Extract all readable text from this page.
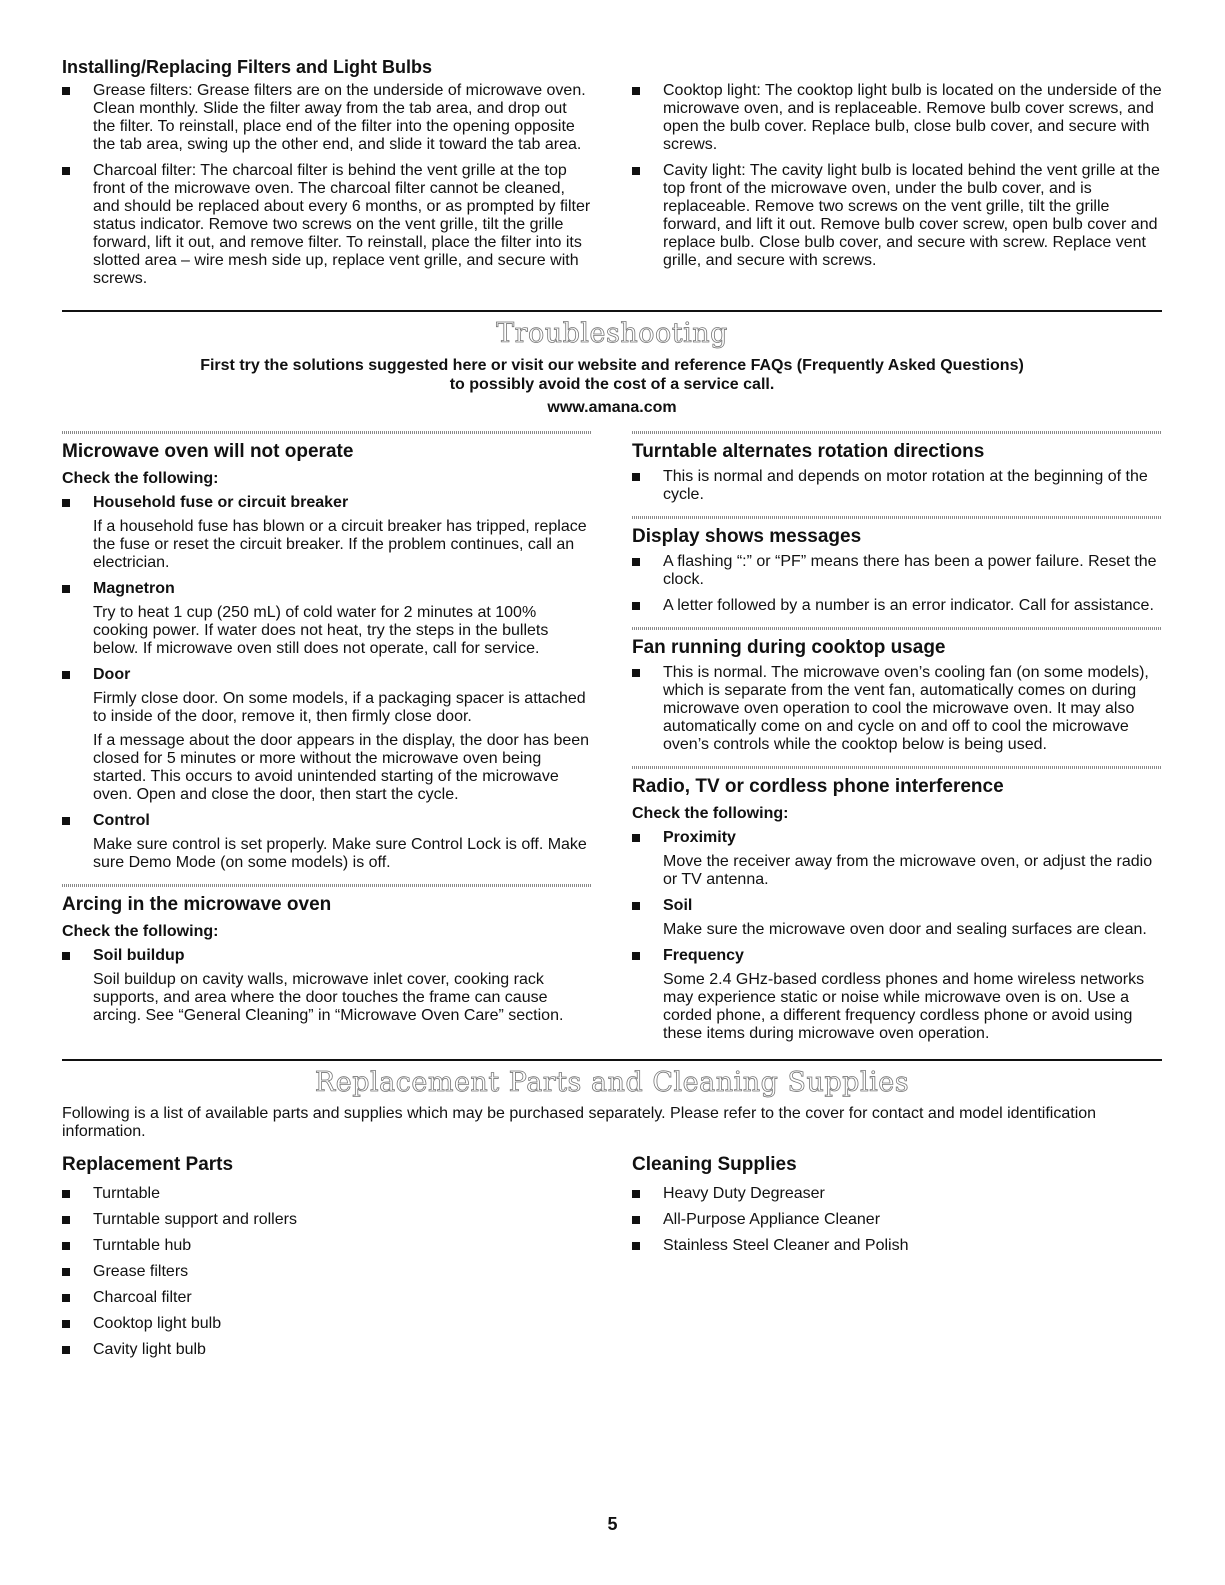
Installing/Replacing Filters and Light Bulbs
Grease filters: Grease filters are on the underside of microwave oven. Clean monthly. Slide the filter away from the tab area, and drop out the filter. To reinstall, place end of the filter into the opening opposite the tab area, swing up the other end, and slide it toward the tab area.
Charcoal filter: The charcoal filter is behind the vent grille at the top front of the microwave oven. The charcoal filter cannot be cleaned, and should be replaced about every 6 months, or as prompted by filter status indicator. Remove two screws on the vent grille, tilt the grille forward, lift it out, and remove filter. To reinstall, place the filter into its slotted area – wire mesh side up, replace vent grille, and secure with screws.
Cooktop light: The cooktop light bulb is located on the underside of the microwave oven, and is replaceable. Remove bulb cover screws, and open the bulb cover. Replace bulb, close bulb cover, and secure with screws.
Cavity light: The cavity light bulb is located behind the vent grille at the top front of the microwave oven, under the bulb cover, and is replaceable. Remove two screws on the vent grille, tilt the grille forward, and lift it out. Remove bulb cover screw, open bulb cover and replace bulb. Close bulb cover, and secure with screw. Replace vent grille, and secure with screws.
Troubleshooting
First try the solutions suggested here or visit our website and reference FAQs (Frequently Asked Questions)
to possibly avoid the cost of a service call.
www.amana.com
Microwave oven will not operate
Check the following:
Household fuse or circuit breaker

If a household fuse has blown or a circuit breaker has tripped, replace the fuse or reset the circuit breaker. If the problem continues, call an electrician.

Magnetron

Try to heat 1 cup (250 mL) of cold water for 2 minutes at 100% cooking power. If water does not heat, try the steps in the bullets below. If microwave oven still does not operate, call for service.

Door

Firmly close door. On some models, if a packaging spacer is attached to inside of the door, remove it, then firmly close door.

If a message about the door appears in the display, the door has been closed for 5 minutes or more without the microwave oven being started. This occurs to avoid unintended starting of the microwave oven. Open and close the door, then start the cycle.

Control

Make sure control is set properly. Make sure Control Lock is off. Make sure Demo Mode (on some models) is off.

Arcing in the microwave oven
Check the following:
Soil buildup

Soil buildup on cavity walls, microwave inlet cover, cooking rack supports, and area where the door touches the frame can cause arcing. See “General Cleaning” in “Microwave Oven Care” section.

Turntable alternates rotation directions
This is normal and depends on motor rotation at the beginning of the cycle.
Display shows messages
A flashing “:” or “PF” means there has been a power failure. Reset the clock.
A letter followed by a number is an error indicator. Call for assistance.
Fan running during cooktop usage
This is normal. The microwave oven’s cooling fan (on some models), which is separate from the vent fan, automatically comes on during microwave oven operation to cool the microwave oven. It may also automatically come on and cycle on and off to cool the microwave oven’s controls while the cooktop below is being used.
Radio, TV or cordless phone interference
Check the following:
Proximity

Move the receiver away from the microwave oven, or adjust the radio or TV antenna.

Soil

Make sure the microwave oven door and sealing surfaces are clean.

Frequency

Some 2.4 GHz-based cordless phones and home wireless networks may experience static or noise while microwave oven is on. Use a corded phone, a different frequency cordless phone or avoid using these items during microwave oven operation.

Replacement Parts and Cleaning Supplies
Following is a list of available parts and supplies which may be purchased separately. Please refer to the cover for contact and model identification information.
Replacement Parts
Turntable
Turntable support and rollers
Turntable hub
Grease filters
Charcoal filter
Cooktop light bulb
Cavity light bulb
Cleaning Supplies
Heavy Duty Degreaser
All-Purpose Appliance Cleaner
Stainless Steel Cleaner and Polish
5
